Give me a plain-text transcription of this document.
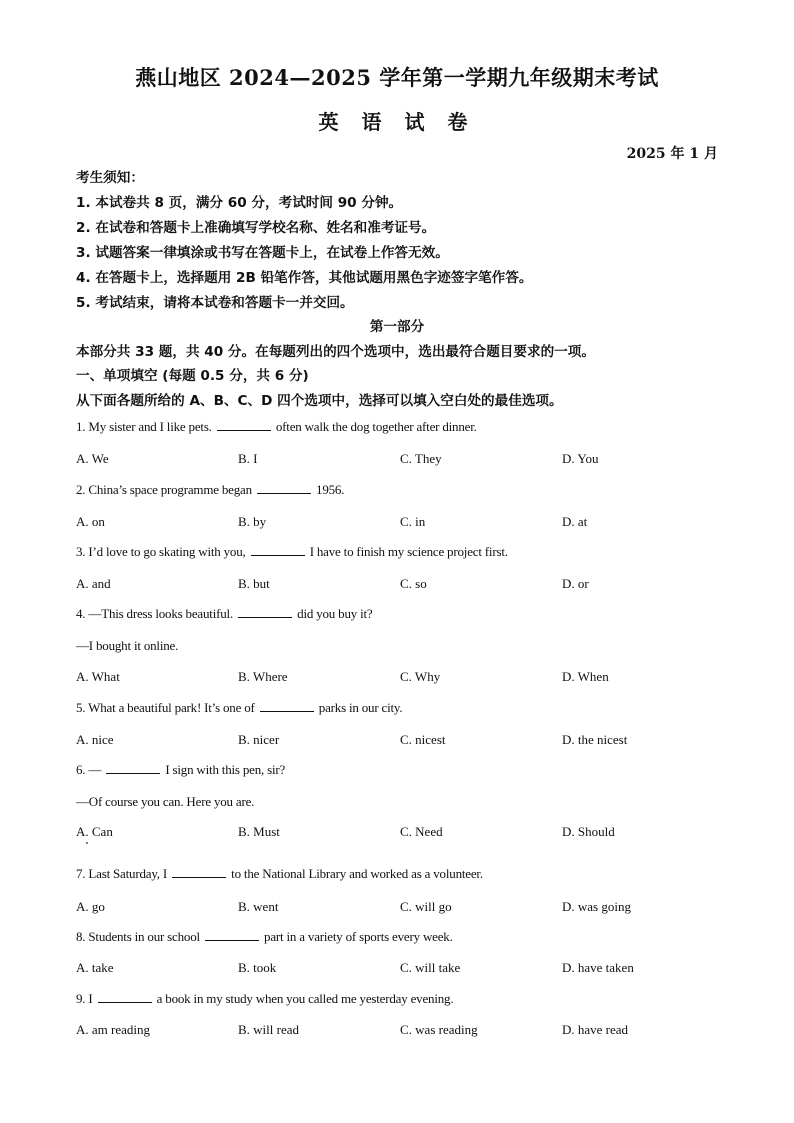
燕山地区 2024—2025 学年第一学期九年级期末考试
英 语 试 卷
2025 年 1 月
考生须知：
1. 本试卷共 8 页，满分 60 分，考试时间 90 分钟。
2. 在试卷和答题卡上准确填写学校名称、姓名和准考证号。
3. 试题答案一律填涂或书写在答题卡上，在试卷上作答无效。
4. 在答题卡上，选择题用 2B 铅笔作答，其他试题用黑色字迹签字笔作答。
5. 考试结束，请将本试卷和答题卡一并交回。
第一部分
本部分共 33 题，共 40 分。在每题列出的四个选项中，选出最符合题目要求的一项。
一、单项填空 (每题 0.5 分，共 6 分)
从下面各题所给的 A、B、C、D 四个选项中，选择可以填入空白处的最佳选项。
1. My sister and I like pets.	often walk the dog together after dinner.
A. We	B. I	C. They	D. You
2. China’s space programme began	1956.
A. on	B. by	C. in	D. at
3. I’d love to go skating with you,	I have to finish my science project first.
A. and	B. but	C. so	D. or
4. —This dress looks beautiful.	did you buy it?
—I bought it online.
A. What	B. Where	C. Why	D. When
5. What a beautiful park! It’s one of	parks in our city.
A. nice	B. nicer	C. nicest	D. the nicest
6. —	I sign with this pen, sir?
—Of course you can. Here you are.
A. Can	B. Must	C. Need	D. Should
7. Last Saturday, I	to the National Library and worked as a volunteer.
A. go	B. went	C. will go	D. was going
8. Students in our school	part in a variety of sports every week.
A. take	B. took	C. will take	D. have taken
9. I	a book in my study when you called me yesterday evening.
A. am reading	B. will read	C. was reading	D. have read
